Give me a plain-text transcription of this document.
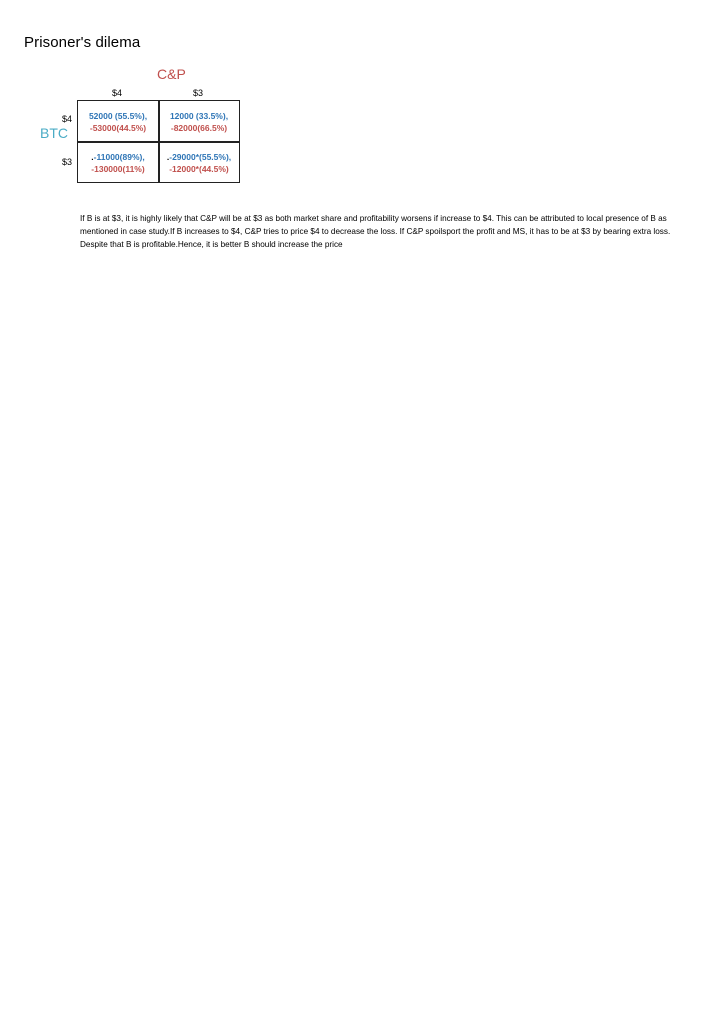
Prisoner's dilema
C&P
$4	$3
BTC
$4
$3
52000 (55.5%),
-53000(44.5%)
12000 (33.5%),
-82000(66.5%)
.-11000(89%),
-130000(11%)
.-29000*(55.5%),
-12000*(44.5%)
If B is at $3, it is highly likely that C&P will be at $3 as both market share and profitability worsens if increase to $4. This can be attributed to local presence of B as mentioned in case study.If B increases to $4, C&P tries to price $4 to decrease the loss. If C&P spoilsport the profit and MS, it has to be at $3 by bearing extra loss. Despite that B is profitable.Hence, it is better B should increase the price
